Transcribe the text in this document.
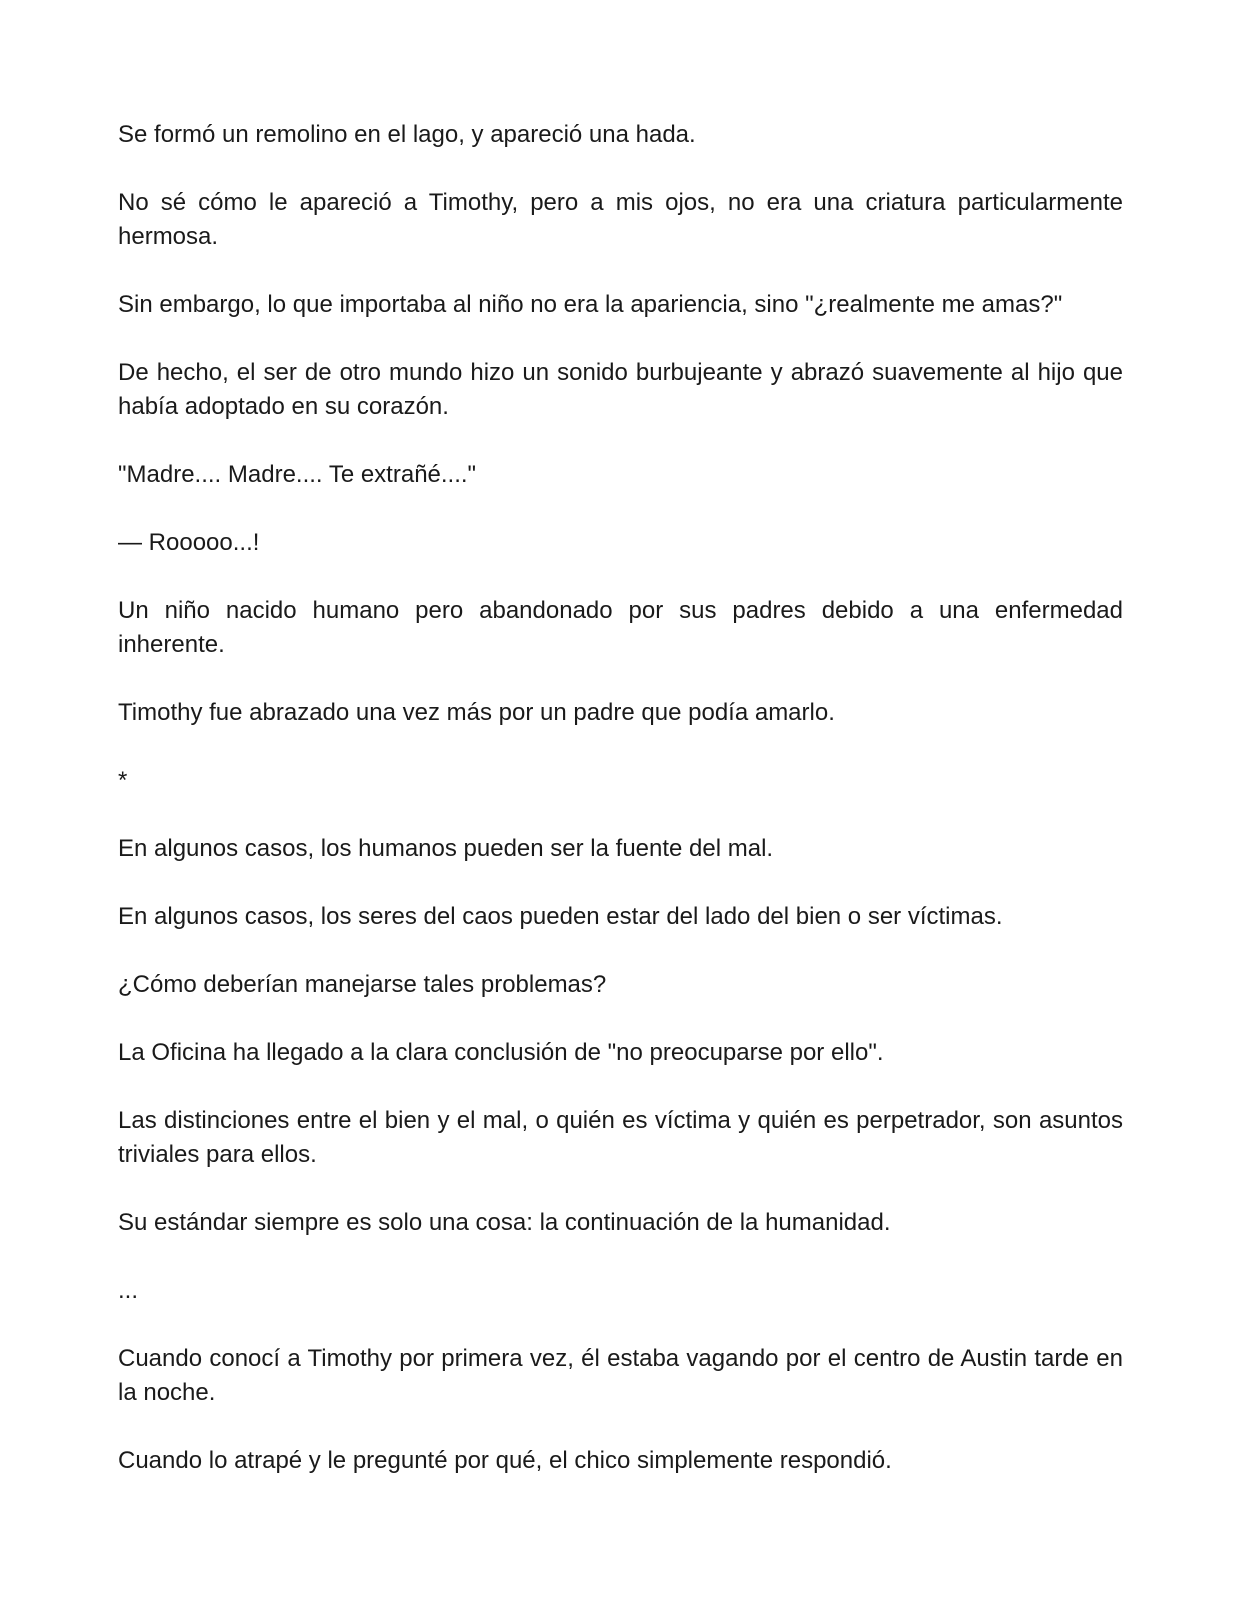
Se formó un remolino en el lago, y apareció una hada.

No sé cómo le apareció a Timothy, pero a mis ojos, no era una criatura particularmente hermosa.

Sin embargo, lo que importaba al niño no era la apariencia, sino "¿realmente me amas?"

De hecho, el ser de otro mundo hizo un sonido burbujeante y abrazó suavemente al hijo que había adoptado en su corazón.

"Madre.... Madre.... Te extrañé...."

— Rooooo...!

Un niño nacido humano pero abandonado por sus padres debido a una enfermedad inherente.

Timothy fue abrazado una vez más por un padre que podía amarlo.

*

En algunos casos, los humanos pueden ser la fuente del mal.

En algunos casos, los seres del caos pueden estar del lado del bien o ser víctimas.

¿Cómo deberían manejarse tales problemas?

La Oficina ha llegado a la clara conclusión de "no preocuparse por ello".

Las distinciones entre el bien y el mal, o quién es víctima y quién es perpetrador, son asuntos triviales para ellos.

Su estándar siempre es solo una cosa: la continuación de la humanidad.

...

Cuando conocí a Timothy por primera vez, él estaba vagando por el centro de Austin tarde en la noche.

Cuando lo atrapé y le pregunté por qué, el chico simplemente respondió.
